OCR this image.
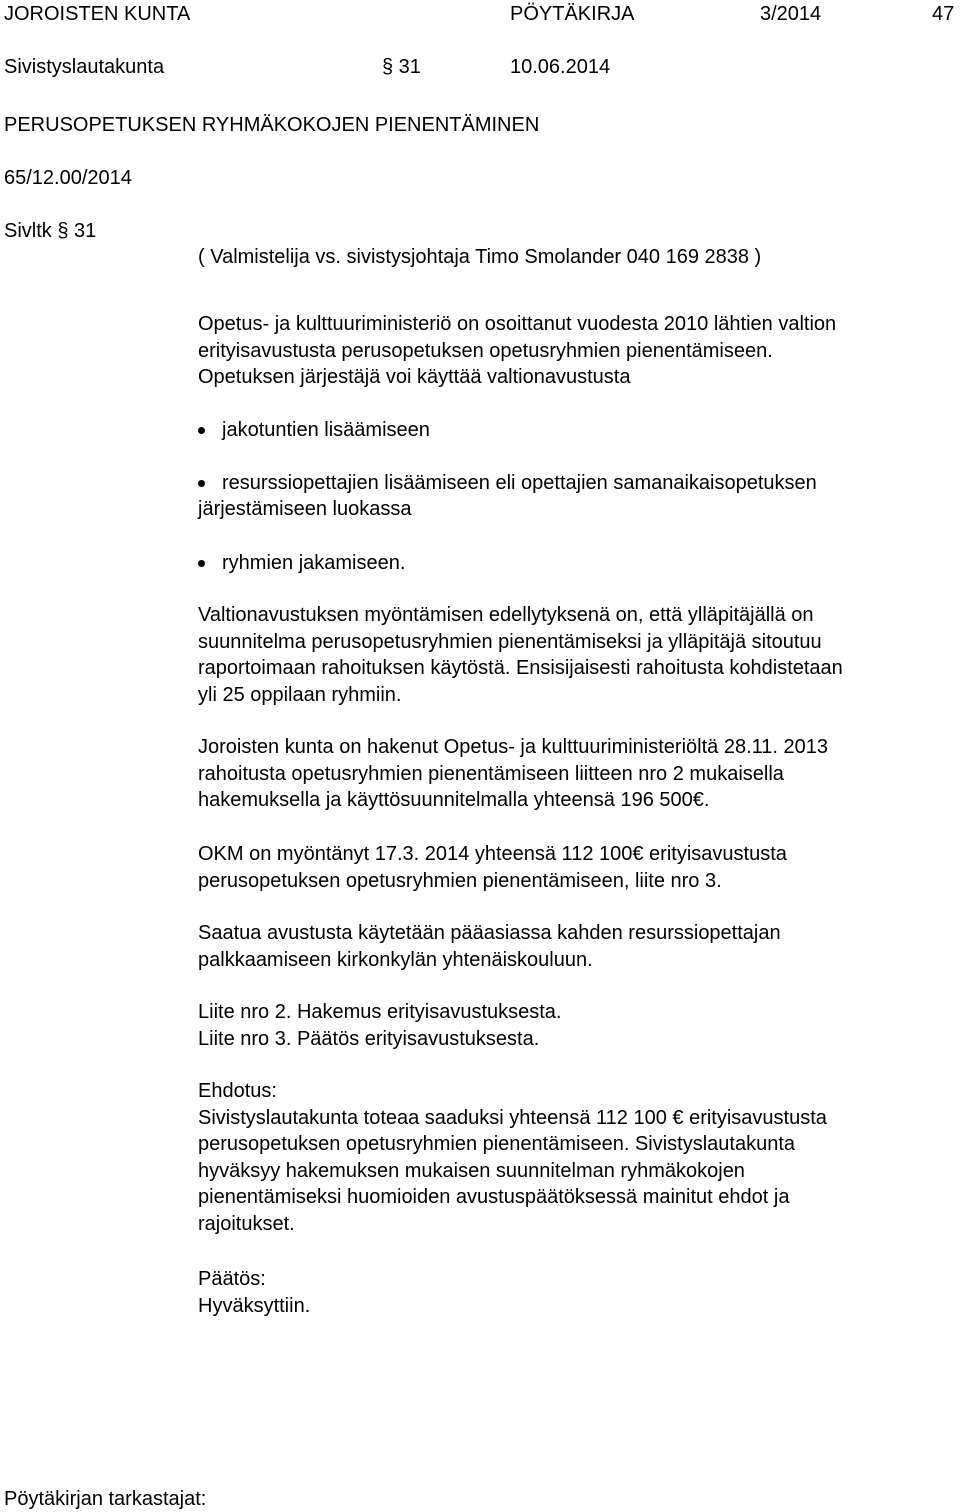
JOROISTEN KUNTA	PÖYTÄKIRJA	3/2014	47
Sivistyslautakunta	§ 31	10.06.2014
PERUSOPETUKSEN RYHMÄKOKOJEN PIENENTÄMINEN
65/12.00/2014
Sivltk § 31
( Valmistelija vs. sivistysjohtaja Timo Smolander 040 169 2838 )

Opetus- ja kulttuuriministeriö on osoittanut vuodesta 2010 lähtien valtion

erityisavustusta perusopetuksen opetusryhmien pienentämiseen.

Opetuksen järjestäjä voi käyttää valtionavustusta

jakotuntien lisäämiseen
resurssiopettajien lisäämiseen eli opettajien samanaikaisopetuksen
järjestämiseen luokassa
ryhmien jakamiseen.

Valtionavustuksen myöntämisen edellytyksenä on, että ylläpitäjällä on

suunnitelma perusopetusryhmien pienentämiseksi ja ylläpitäjä sitoutuu

raportoimaan rahoituksen käytöstä. Ensisijaisesti rahoitusta kohdistetaan

yli 25 oppilaan ryhmiin.

Joroisten kunta on hakenut Opetus- ja kulttuuriministeriöltä 28.11. 2013

rahoitusta opetusryhmien pienentämiseen liitteen nro 2 mukaisella

hakemuksella ja käyttösuunnitelmalla yhteensä 196 500€.

OKM on myöntänyt 17.3. 2014 yhteensä 112 100€ erityisavustusta

perusopetuksen opetusryhmien pienentämiseen, liite nro 3.

Saatua avustusta käytetään pääasiassa kahden resurssiopettajan

palkkaamiseen kirkonkylän yhtenäiskouluun.

Liite nro 2. Hakemus erityisavustuksesta.

Liite nro 3. Päätös erityisavustuksesta.

Ehdotus:

Sivistyslautakunta toteaa saaduksi yhteensä 112 100 € erityisavustusta

perusopetuksen opetusryhmien pienentämiseen. Sivistyslautakunta

hyväksyy hakemuksen mukaisen suunnitelman ryhmäkokojen

pienentämiseksi huomioiden avustuspäätöksessä mainitut ehdot ja

rajoitukset.

Päätös:

Hyväksyttiin.

Pöytäkirjan tarkastajat:
